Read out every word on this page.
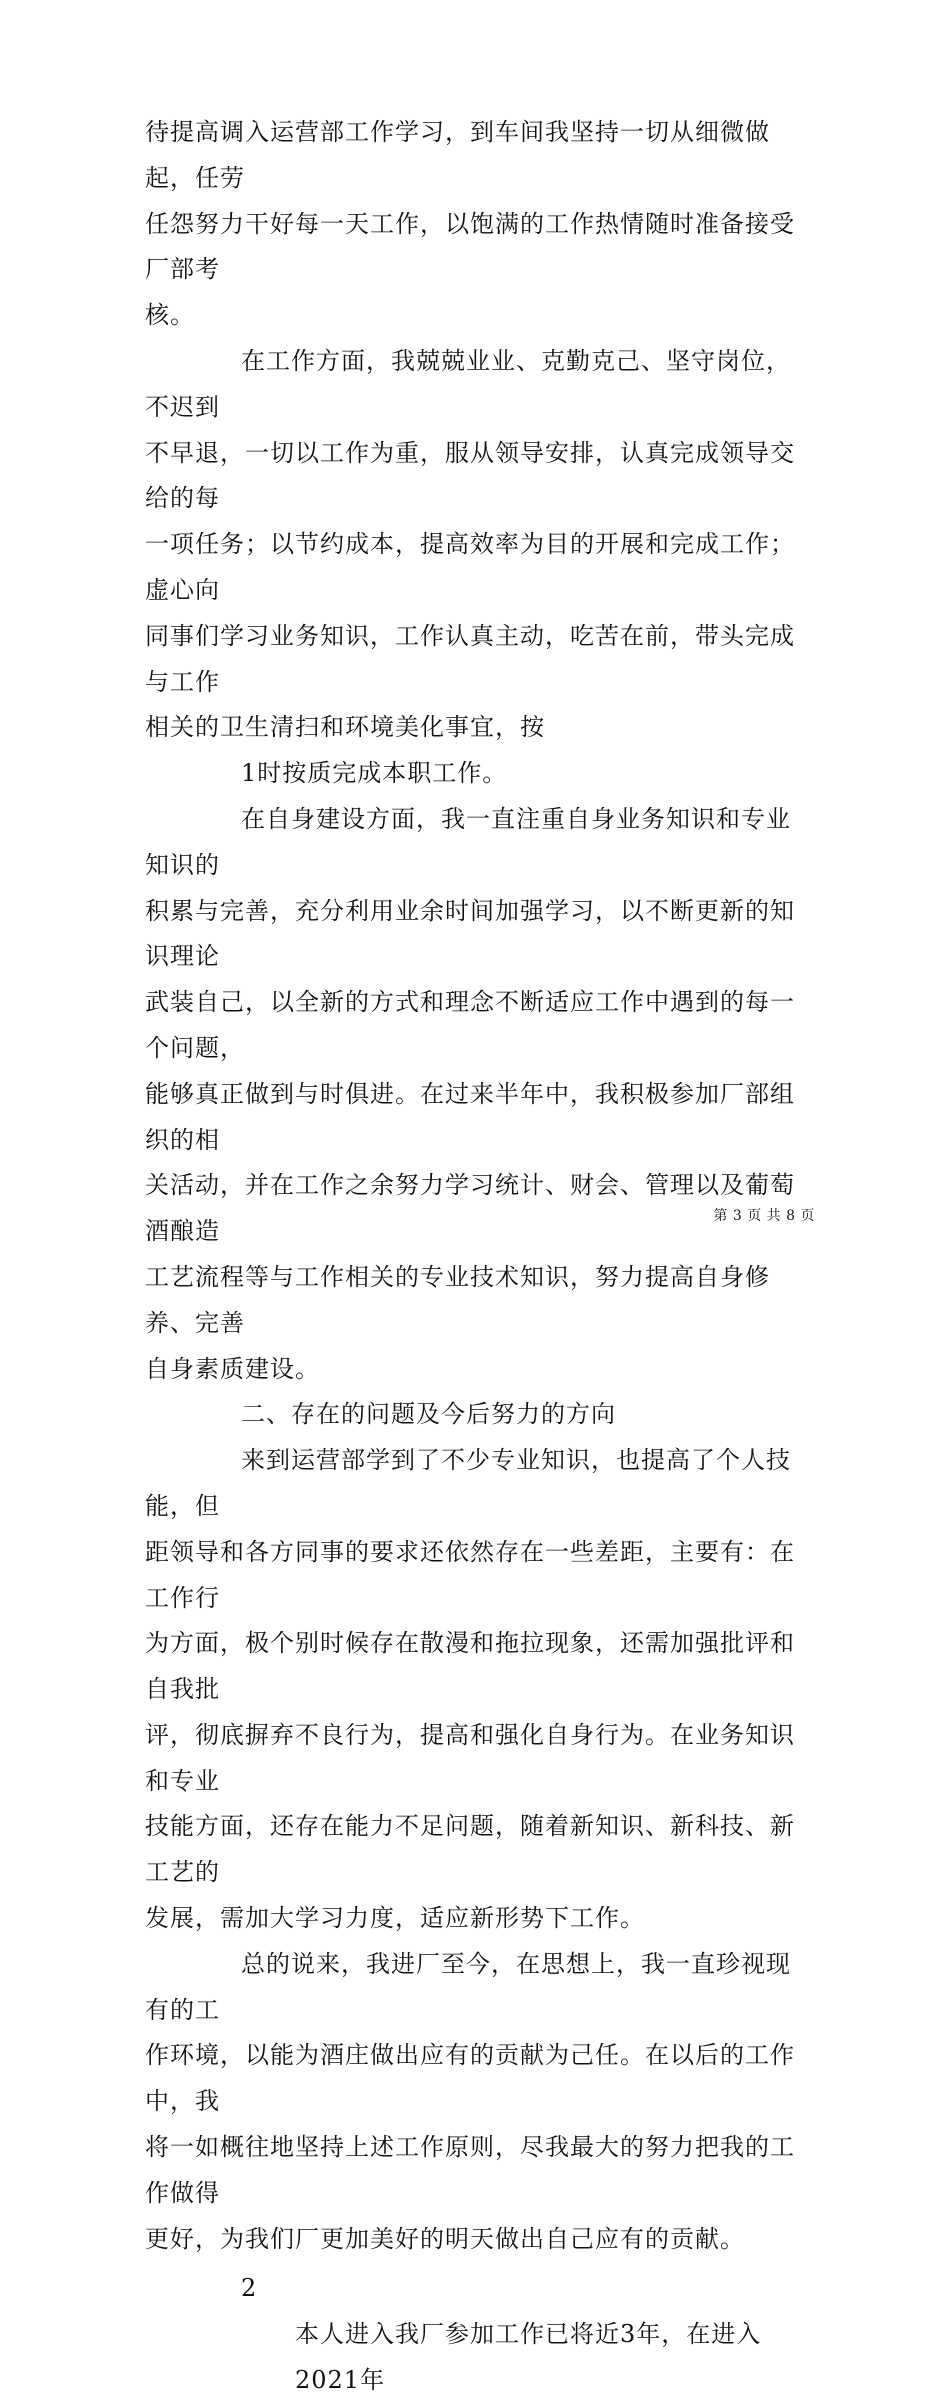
待提高调入运营部工作学习，到车间我坚持一切从细微做起，任劳
任怨努力干好每一天工作，以饱满的工作热情随时准备接受厂部考
核。

在工作方面，我兢兢业业、克勤克己、坚守岗位，不迟到
不早退，一切以工作为重，服从领导安排，认真完成领导交给的每
一项任务；以节约成本，提高效率为目的开展和完成工作；虚心向
同事们学习业务知识，工作认真主动，吃苦在前，带头完成与工作
相关的卫生清扫和环境美化事宜，按

1时按质完成本职工作。

在自身建设方面，我一直注重自身业务知识和专业知识的
积累与完善，充分利用业余时间加强学习，以不断更新的知识理论
武装自己，以全新的方式和理念不断适应工作中遇到的每一个问题，
能够真正做到与时俱进。在过来半年中，我积极参加厂部组织的相
关活动，并在工作之余努力学习统计、财会、管理以及葡萄酒酿造
工艺流程等与工作相关的专业技术知识，努力提高自身修养、完善
自身素质建设。

二、存在的问题及今后努力的方向

来到运营部学到了不少专业知识，也提高了个人技能，但
距领导和各方同事的要求还依然存在一些差距，主要有：在工作行
为方面，极个别时候存在散漫和拖拉现象，还需加强批评和自我批
评，彻底摒弃不良行为，提高和强化自身行为。在业务知识和专业
技能方面，还存在能力不足问题，随着新知识、新科技、新工艺的
发展，需加大学习力度，适应新形势下工作。

总的说来，我进厂至今，在思想上，我一直珍视现有的工
作环境，以能为酒庄做出应有的贡献为己任。在以后的工作中，我
将一如概往地坚持上述工作原则，尽我最大的努力把我的工作做得
更好，为我们厂更加美好的明天做出自己应有的贡献。

2

本人进入我厂参加工作已将近3年，在进入2021年

第 3 页 共 8 页
